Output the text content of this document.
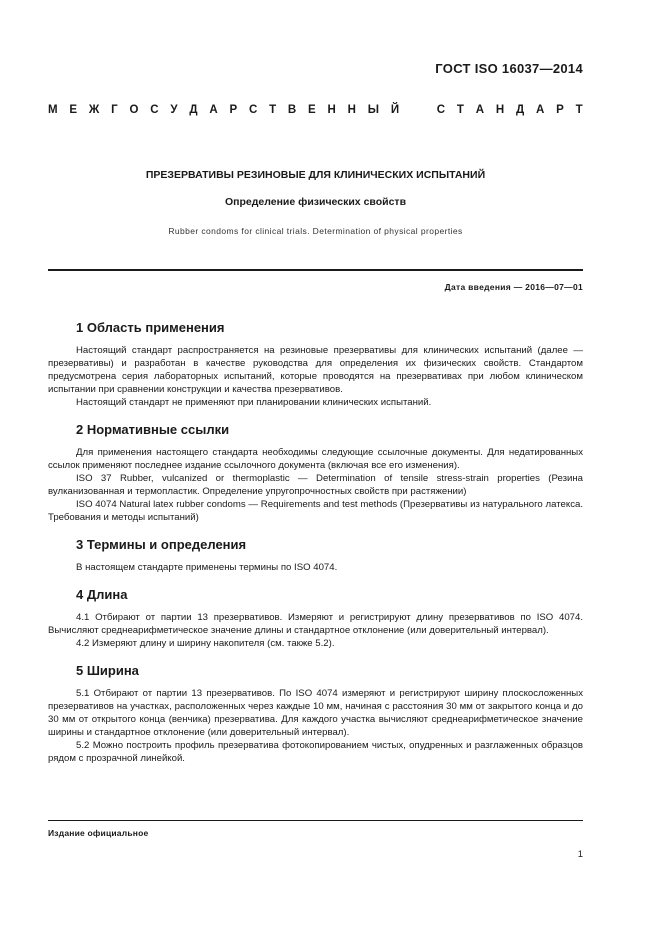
ГОСТ ISO 16037—2014
М Е Ж Г О С У Д А Р С Т В Е Н Н Ы Й	С Т А Н Д А Р Т
ПРЕЗЕРВАТИВЫ РЕЗИНОВЫЕ ДЛЯ КЛИНИЧЕСКИХ ИСПЫТАНИЙ
Определение физических свойств
Rubber condoms for clinical trials. Determination of physical properties
Дата введения — 2016—07—01
1 Область применения

Настоящий стандарт распространяется на резиновые презервативы для клинических испытаний (далее — презервативы) и разработан в качестве руководства для определения их физических свойств. Стандартом предусмотрена серия лабораторных испытаний, которые проводятся на презервативах при любом клиническом испытании при сравнении конструкции и качества презервативов.

Настоящий стандарт не применяют при планировании клинических испытаний.

2 Нормативные ссылки

Для применения настоящего стандарта необходимы следующие ссылочные документы. Для недатированных ссылок применяют последнее издание ссылочного документа (включая все его изменения).

ISO 37 Rubber, vulcanized or thermoplastic — Determination of tensile stress-strain properties (Резина вулканизованная и термопластик. Определение упругопрочностных свойств при растяжении)

ISO 4074 Natural latex rubber condoms — Requirements and test methods (Презервативы из натурального латекса. Требования и методы испытаний)

3 Термины и определения

В настоящем стандарте применены термины по ISO 4074.

4 Длина

4.1 Отбирают от партии 13 презервативов. Измеряют и регистрируют длину презервативов по ISO 4074. Вычисляют среднеарифметическое значение длины и стандартное отклонение (или доверительный интервал).

4.2 Измеряют длину и ширину накопителя (см. также 5.2).

5 Ширина

5.1 Отбирают от партии 13 презервативов. По ISO 4074 измеряют и регистрируют ширину плоскосложенных презервативов на участках, расположенных через каждые 10 мм, начиная с расстояния 30 мм от закрытого конца и до 30 мм от открытого конца (венчика) презерватива. Для каждого участка вычисляют среднеарифметическое значение ширины и стандартное отклонение (или доверительный интервал).

5.2 Можно построить профиль презерватива фотокопированием чистых, опудренных и разглаженных образцов рядом с прозрачной линейкой.

Издание официальное
1
